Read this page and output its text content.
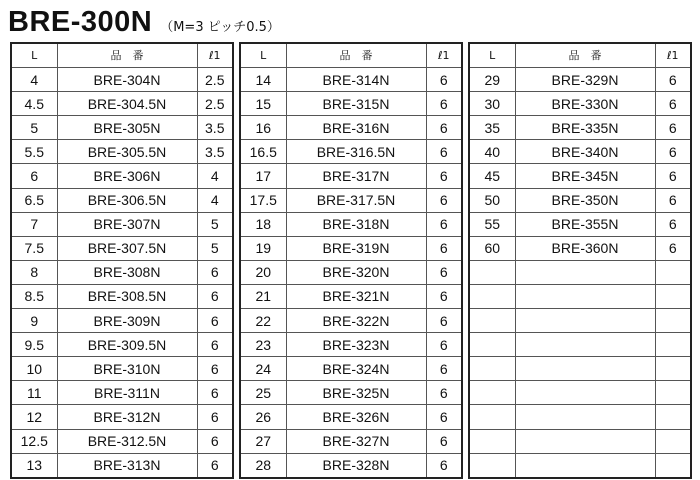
BRE-300N （M=3 ピッチ0.5）
L	品　番	ℓ1
4	BRE-304N	2.5
4.5	BRE-304.5N	2.5
5	BRE-305N	3.5
5.5	BRE-305.5N	3.5
6	BRE-306N	4
6.5	BRE-306.5N	4
7	BRE-307N	5
7.5	BRE-307.5N	5
8	BRE-308N	6
8.5	BRE-308.5N	6
9	BRE-309N	6
9.5	BRE-309.5N	6
10	BRE-310N	6
11	BRE-311N	6
12	BRE-312N	6
12.5	BRE-312.5N	6
13	BRE-313N	6
L	品　番	ℓ1
14	BRE-314N	6
15	BRE-315N	6
16	BRE-316N	6
16.5	BRE-316.5N	6
17	BRE-317N	6
17.5	BRE-317.5N	6
18	BRE-318N	6
19	BRE-319N	6
20	BRE-320N	6
21	BRE-321N	6
22	BRE-322N	6
23	BRE-323N	6
24	BRE-324N	6
25	BRE-325N	6
26	BRE-326N	6
27	BRE-327N	6
28	BRE-328N	6
L	品　番	ℓ1
29	BRE-329N	6
30	BRE-330N	6
35	BRE-335N	6
40	BRE-340N	6
45	BRE-345N	6
50	BRE-350N	6
55	BRE-355N	6
60	BRE-360N	6
